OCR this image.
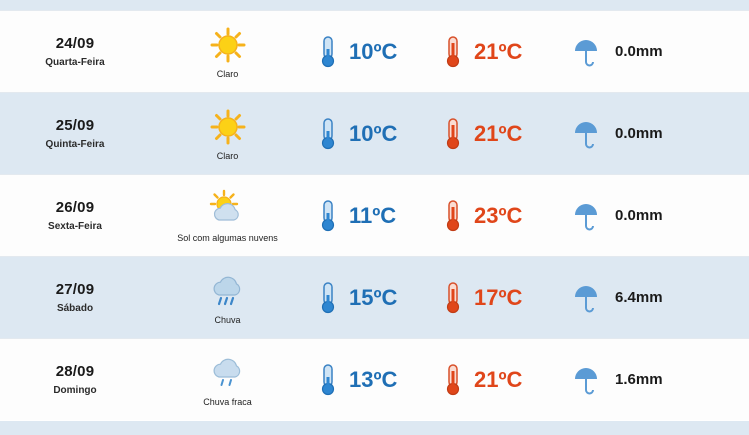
24/09
Quarta-Feira
Claro
10ºC	21ºC	0.0mm
25/09
Quinta-Feira
Claro
10ºC	21ºC	0.0mm
26/09
Sexta-Feira
Sol com algumas nuvens
11ºC	23ºC	0.0mm
27/09
Sábado
Chuva
15ºC	17ºC	6.4mm
28/09
Domingo
Chuva fraca
13ºC	21ºC	1.6mm
